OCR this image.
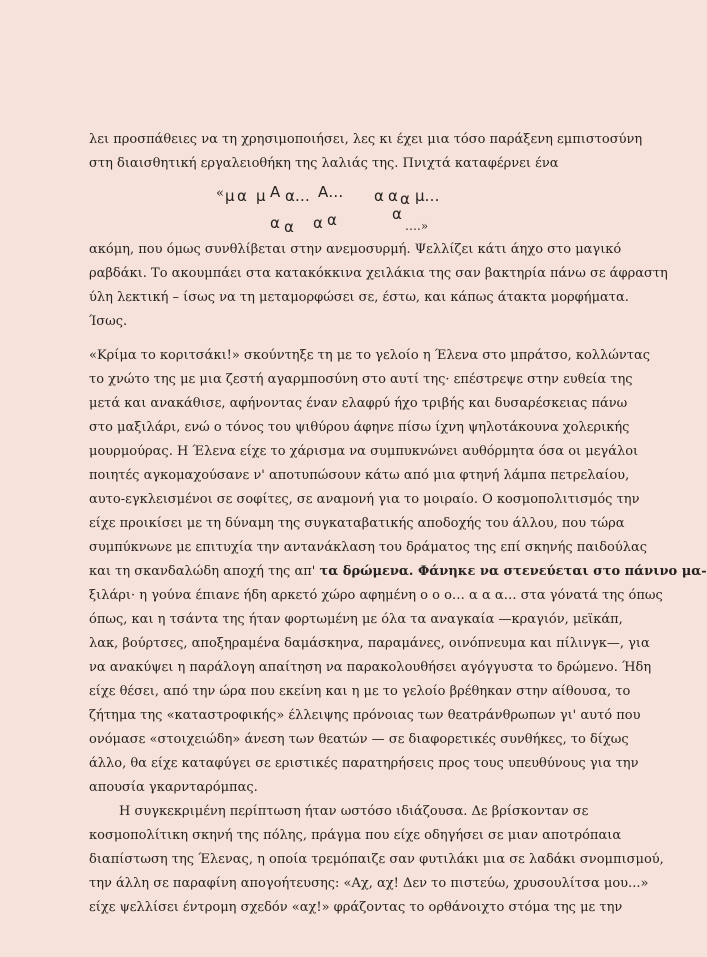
λει προσπάθειες να τη χρησιμοποιήσει, λες κι έχει μια τόσο παράξενη εμπιστοσύνη
στη διαισθητική εργαλειοθήκη της λαλιάς της. Πνιχτά καταφέρνει ένα
« μ α μ Α α… Α… α α α μ…
α α α α	α
….»
ακόμη, που όμως συνθλίβεται στην ανεμοσυρμή. Ψελλίζει κάτι άηχο στο μαγικό
ραβδάκι. Το ακουμπάει στα κατακόκκινα χειλάκια της σαν βακτηρία πάνω σε άφραστη
ύλη λεκτική – ίσως να τη μεταμορφώσει σε, έστω, και κάπως άτακτα μορφήματα.
Ίσως.
«Κρίμα το κοριτσάκι!» σκούντηξε τη με το γελοίο η Έλενα στο μπράτσο, κολλώντας
το χνώτο της με μια ζεστή αγαρμποσύνη στο αυτί της· επέστρεψε στην ευθεία της
μετά και ανακάθισε, αφήνοντας έναν ελαφρύ ήχο τριβής και δυσαρέσκειας πάνω
στο μαξιλάρι, ενώ ο τόνος του ψιθύρου άφηνε πίσω ίχνη ψηλοτάκουνα χολερικής
μουρμούρας. Η Έλενα είχε το χάρισμα να συμπυκνώνει αυθόρμητα όσα οι μεγάλοι
ποιητές αγκομαχούσανε ν' αποτυπώσουν κάτω από μια φτηνή λάμπα πετρελαίου,
αυτο-εγκλεισμένοι σε σοφίτες, σε αναμονή για το μοιραίο. Ο κοσμοπολιτισμός την
είχε προικίσει με τη δύναμη της συγκαταβατικής αποδοχής του άλλου, που τώρα
συμπύκνωνε με επιτυχία την αντανάκλαση του δράματος της επί σκηνής παιδούλας
και τη σκανδαλώδη αποχή της απ' τα δρώμενα. Φάνηκε να στενεύεται στο πάνινο μα-
ξιλάρι· η γούνα έπιανε ήδη αρκετό χώρο αφημένη ο ο ο… α α α… στα γόνατά της όπως
όπως, και η τσάντα της ήταν φορτωμένη με όλα τα αναγκαία —κραγιόν, μεϊκάπ,
λακ, βούρτσες, αποξηραμένα δαμάσκηνα, παραμάνες, οινόπνευμα και πίλινγκ—, για
να ανακύψει η παράλογη απαίτηση να παρακολουθήσει αγόγγυστα το δρώμενο. Ήδη
είχε θέσει, από την ώρα που εκείνη και η με το γελοίο βρέθηκαν στην αίθουσα, το
ζήτημα της «καταστροφικής» έλλειψης πρόνοιας των θεατράνθρωπων γι' αυτό που
ονόμασε «στοιχειώδη» άνεση των θεατών — σε διαφορετικές συνθήκες, το δίχως
άλλο, θα είχε καταφύγει σε εριστικές παρατηρήσεις προς τους υπευθύνους για την
απουσία γκαρνταρόμπας.
Η συγκεκριμένη περίπτωση ήταν ωστόσο ιδιάζουσα. Δε βρίσκονταν σε
κοσμοπολίτικη σκηνή της πόλης, πράγμα που είχε οδηγήσει σε μιαν αποτρόπαια
διαπίστωση της Έλενας, η οποία τρεμόπαιζε σαν φυτιλάκι μια σε λαδάκι σνομπισμού,
την άλλη σε παραφίνη απογοήτευσης: «Αχ, αχ! Δεν το πιστεύω, χρυσουλίτσα μου...»
είχε ψελλίσει έντρομη σχεδόν «αχ!» φράζοντας το ορθάνοιχτο στόμα της με την
